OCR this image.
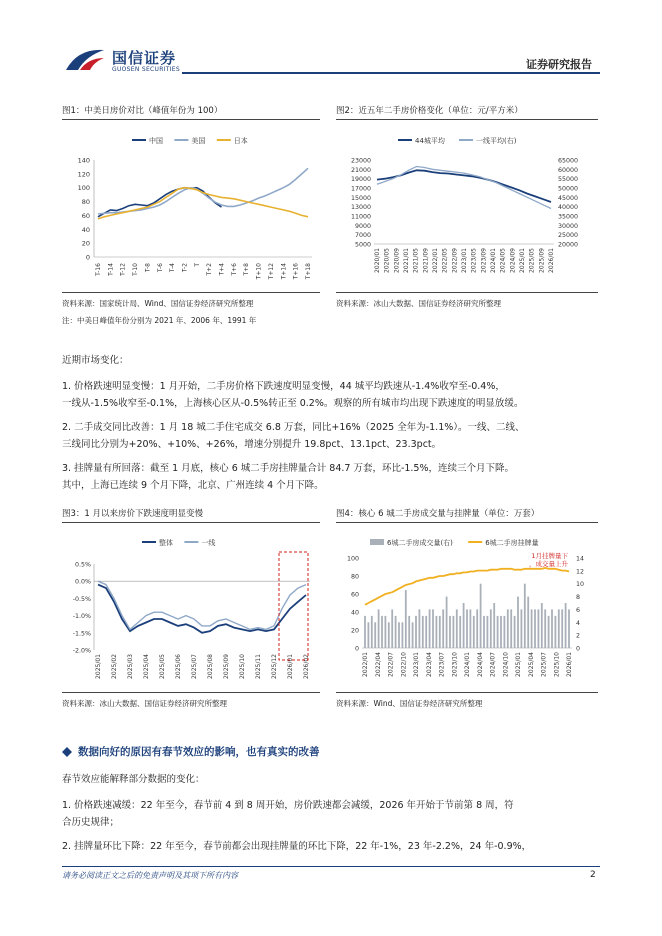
国信证券
GUOSEN SECURITIES	证券研究报告
图1：中美日房价对比（峰值年份为 100）
中国	美国	日本
0
20
40
60
80
100
120
140
T-16 T-14 T-12 T-10 T-8 T-6 T-4 T-2 T T+2 T+4 T+6 T+8 T+10 T+12 T+14 T+16 T+18
资料来源：国家统计局、Wind、国信证券经济研究所整理
注：中美日峰值年份分别为 2021 年、2006 年、1991 年
图2：近五年二手房价格变化（单位：元/平方米）
44城平均	一线平均(右)
5000
7000
9000
11000
13000
15000
17000
19000
21000
23000
20000
25000
30000
35000
40000
45000
50000
55000
60000
65000
2020/01 2020/05 2020/09 2021/01 2021/05 2021/09 2022/01 2022/05 2022/09 2023/01 2023/05 2023/09 2024/01 2024/05 2024/09 2025/01 2025/05 2025/09 2026/01
资料来源：冰山大数据、国信证券经济研究所整理
近期市场变化：
1. 价格跌速明显变慢：1 月开始，二手房价格下跌速度明显变慢，44 城平均跌速从-1.4%收窄至-0.4%，
一线从-1.5%收窄至-0.1%，上海核心区从-0.5%转正至 0.2%。观察的所有城市均出现下跌速度的明显放缓。
2. 二手成交同比改善：1 月 18 城二手住宅成交 6.8 万套，同比+16%（2025 全年为-1.1%）。一线、二线、
三线同比分别为+20%、+10%、+26%，增速分别提升 19.8pct、13.1pct、23.3pct。
3. 挂牌量有所回落：截至 1 月底，核心 6 城二手房挂牌量合计 84.7 万套，环比-1.5%，连续三个月下降。
其中，上海已连续 9 个月下降，北京、广州连续 4 个月下降。
图3：1 月以来房价下跌速度明显变慢
整体	一线
0.5%
0.0%
-0.5%
-1.0%
-1.5%
-2.0%
2025/01 2025/02 2025/03 2025/04 2025/05 2025/06 2025/07 2025/08 2025/09 2025/10 2025/11 2025/12 2026/01 2026/02
资料来源：冰山大数据、国信证券经济研究所整理
图4：核心 6 城二手房成交量与挂牌量（单位：万套）
6城二手房成交量(右)	6城二手房挂牌量
0
20
40
60
80
100
0
2
4
6
8
10
12
14
2022/01 2022/04 2022/07 2022/10 2023/01 2023/04 2023/07 2023/10 2024/01 2024/04 2024/07 2024/10 2025/01 2025/04 2025/07 2025/10 2026/01
1月挂牌量下
，成交量上升
资料来源：Wind、国信证券经济研究所整理
数据向好的原因有春节效应的影响，也有真实的改善
春节效应能解释部分数据的变化：
1. 价格跌速减缓：22 年至今，春节前 4 到 8 周开始，房价跌速都会减缓，2026 年开始于节前第 8 周，符
合历史规律；
2. 挂牌量环比下降：22 年至今，春节前都会出现挂牌量的环比下降，22 年-1%，23 年-2.2%，24 年-0.9%，
请务必阅读正文之后的免责声明及其项下所有内容	2
